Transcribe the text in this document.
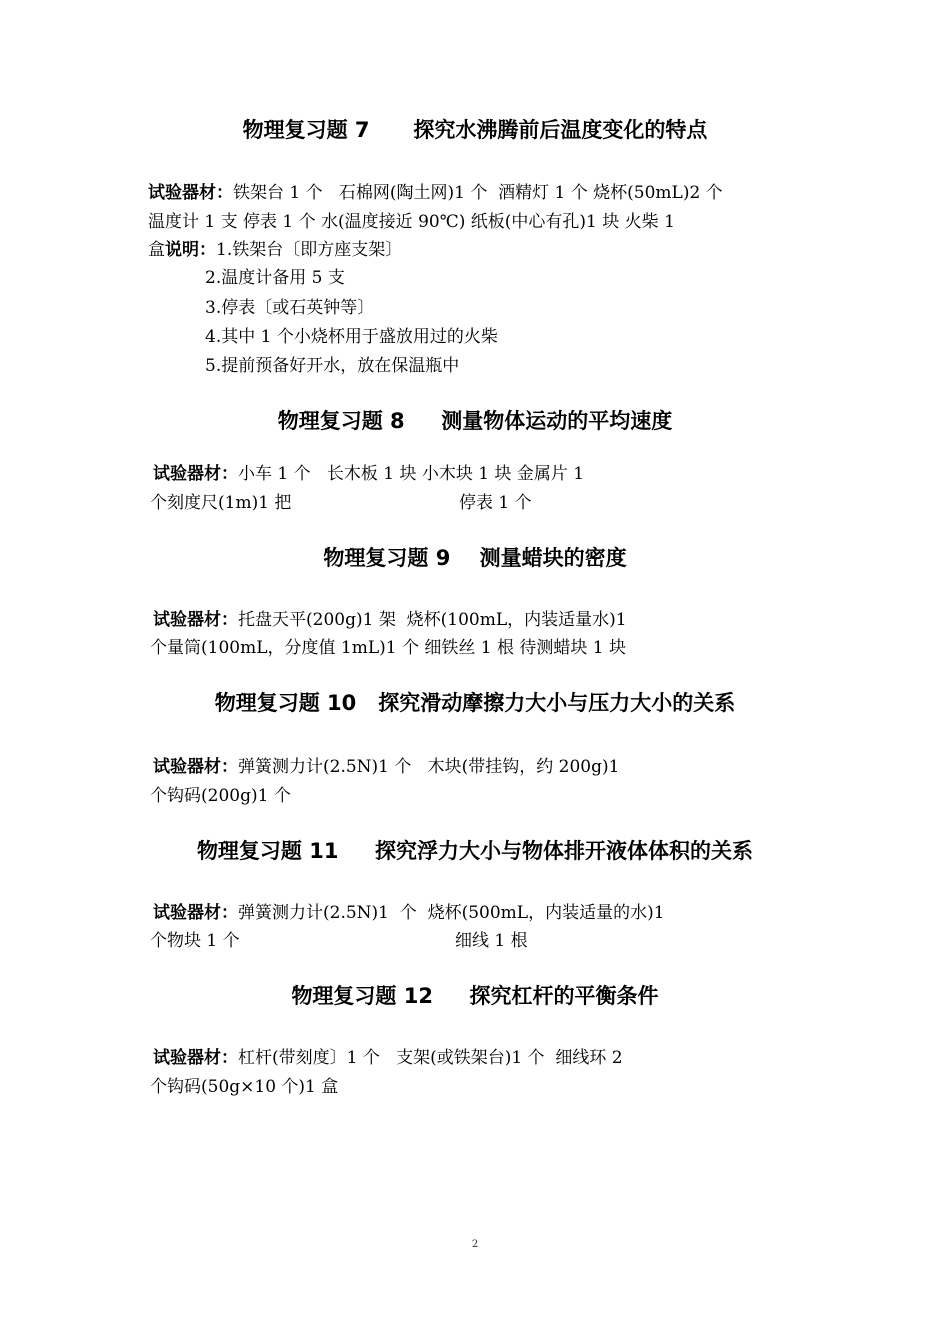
物理复习题 7 探究水沸腾前后温度变化的特点
试验器材：铁架台 1 个   石棉网(陶土网)1 个  酒精灯 1 个 烧杯(50mL)2 个
温度计 1 支 停表 1 个 水(温度接近 90℃) 纸板(中心有孔)1 块 火柴 1
盒说明：1.铁架台〔即方座支架〕
2.温度计备用 5 支
3.停表〔或石英钟等〕
4.其中 1 个小烧杯用于盛放用过的火柴
5.提前预备好开水，放在保温瓶中
物理复习题 8 测量物体运动的平均速度
试验器材：小车 1 个   长木板 1 块 小木块 1 块 金属片 1
个刻度尺(1m)1 把	停表 1 个
物理复习题 9 测量蜡块的密度
试验器材：托盘天平(200g)1 架  烧杯(100mL，内装适量水)1
个量筒(100mL，分度值 1mL)1 个 细铁丝 1 根 待测蜡块 1 块
物理复习题 10 探究滑动摩擦力大小与压力大小的关系
试验器材：弹簧测力计(2.5N)1 个   木块(带挂钩，约 200g)1
个钩码(200g)1 个
物理复习题 11 探究浮力大小与物体排开液体体积的关系
试验器材：弹簧测力计(2.5N)1  个  烧杯(500mL，内装适量的水)1
个物块 1 个	细线 1 根
物理复习题 12 探究杠杆的平衡条件
试验器材：杠杆(带刻度〕1 个   支架(或铁架台)1 个  细线环 2
个钩码(50g×10 个)1 盒
2
